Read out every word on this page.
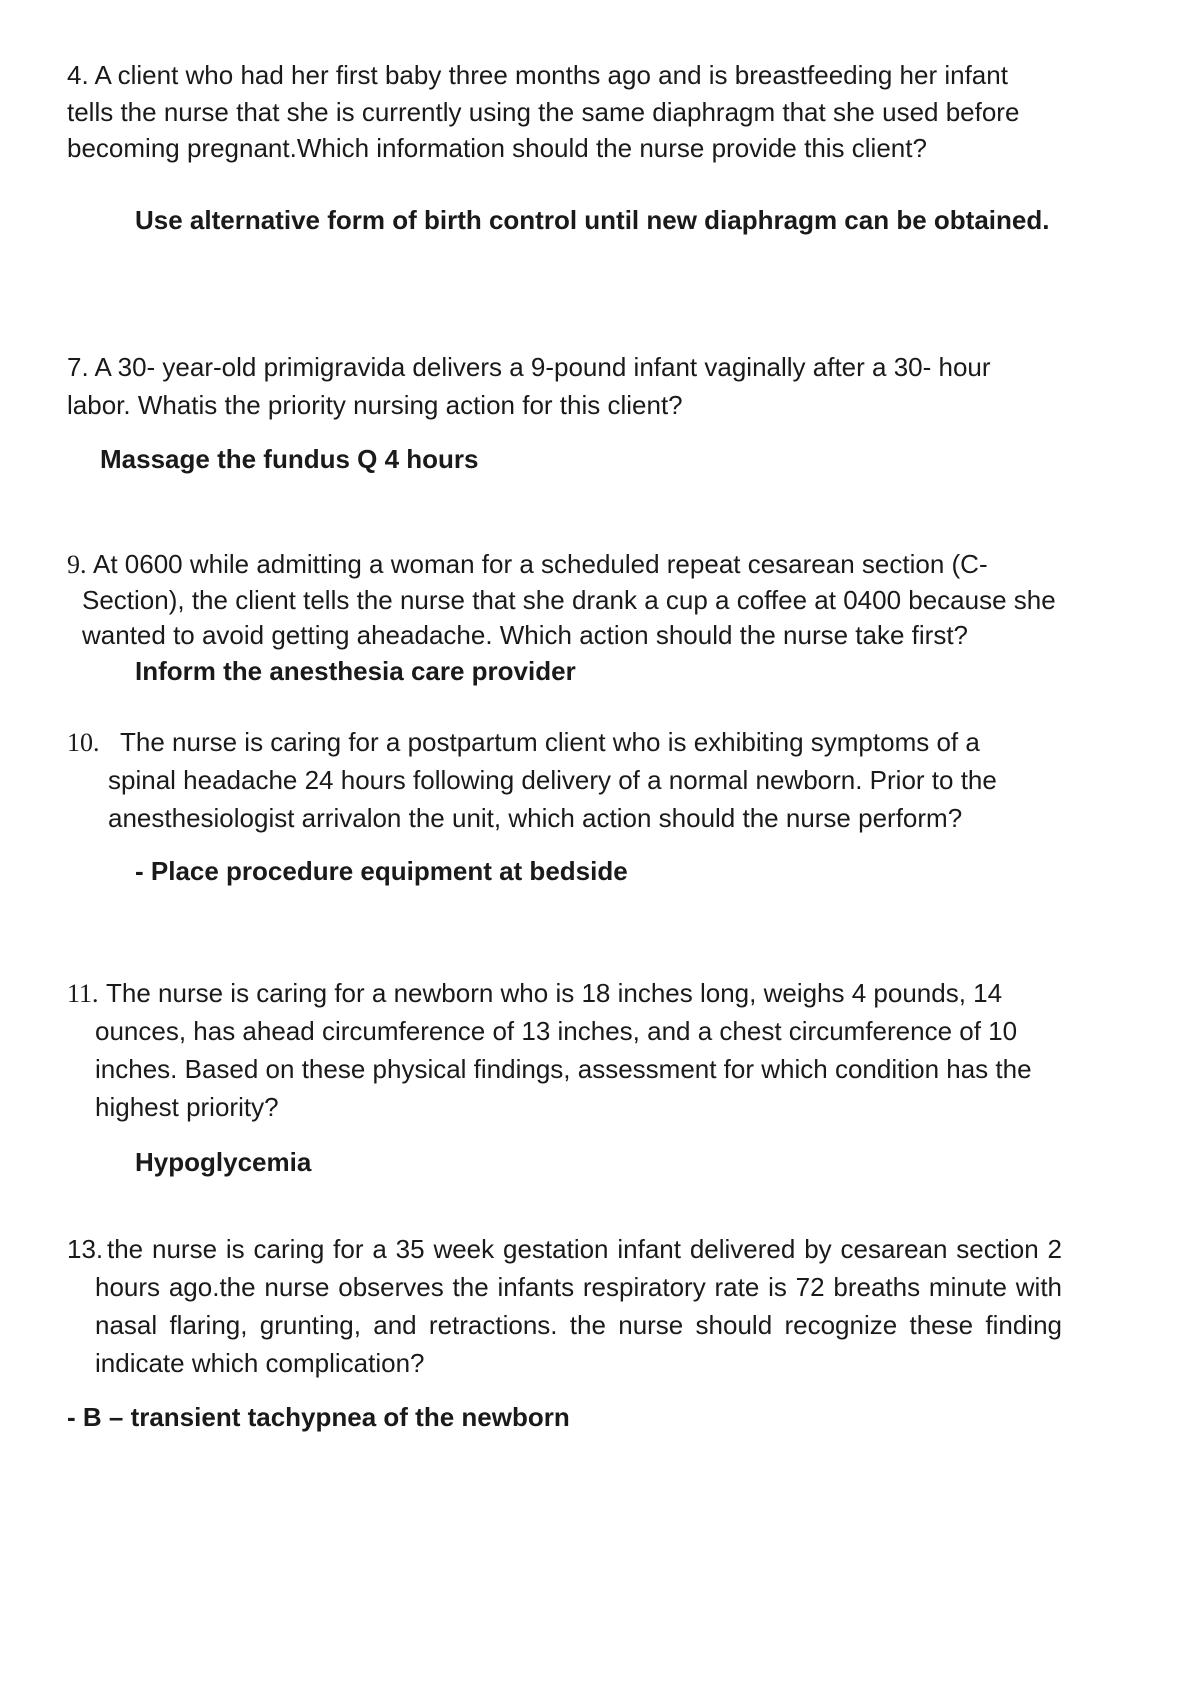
4. A client who had her first baby three months ago and is breastfeeding her infant
tells the nurse that she is currently using the same diaphragm that she used before
becoming pregnant.Which information should the nurse provide this client?
Use alternative form of birth control until new diaphragm can be obtained.
7. A 30- year-old primigravida delivers a 9-pound infant vaginally after a 30- hour
labor. Whatis the priority nursing action for this client?
Massage the fundus Q 4 hours
9. At 0600 while admitting a woman for a scheduled repeat cesarean section (C-
Section), the client tells the nurse that she drank a cup a coffee at 0400 because she
wanted to avoid getting aheadache. Which action should the nurse take first?
Inform the anesthesia care provider
10. The nurse is caring for a postpartum client who is exhibiting symptoms of a
spinal headache 24 hours following delivery of a normal newborn. Prior to the
anesthesiologist arrivalon the unit, which action should the nurse perform?
- Place procedure equipment at bedside
11. The nurse is caring for a newborn who is 18 inches long, weighs 4 pounds, 14
ounces, has ahead circumference of 13 inches, and a chest circumference of 10
inches. Based on these physical findings, assessment for which condition has the
highest priority?
Hypoglycemia
13. the nurse is caring for a 35 week gestation infant delivered by cesarean section 2
hours ago.the nurse observes the infants respiratory rate is 72 breaths minute with
nasal flaring, grunting, and retractions. the nurse should recognize these finding
indicate which complication?
- B – transient tachypnea of the newborn
